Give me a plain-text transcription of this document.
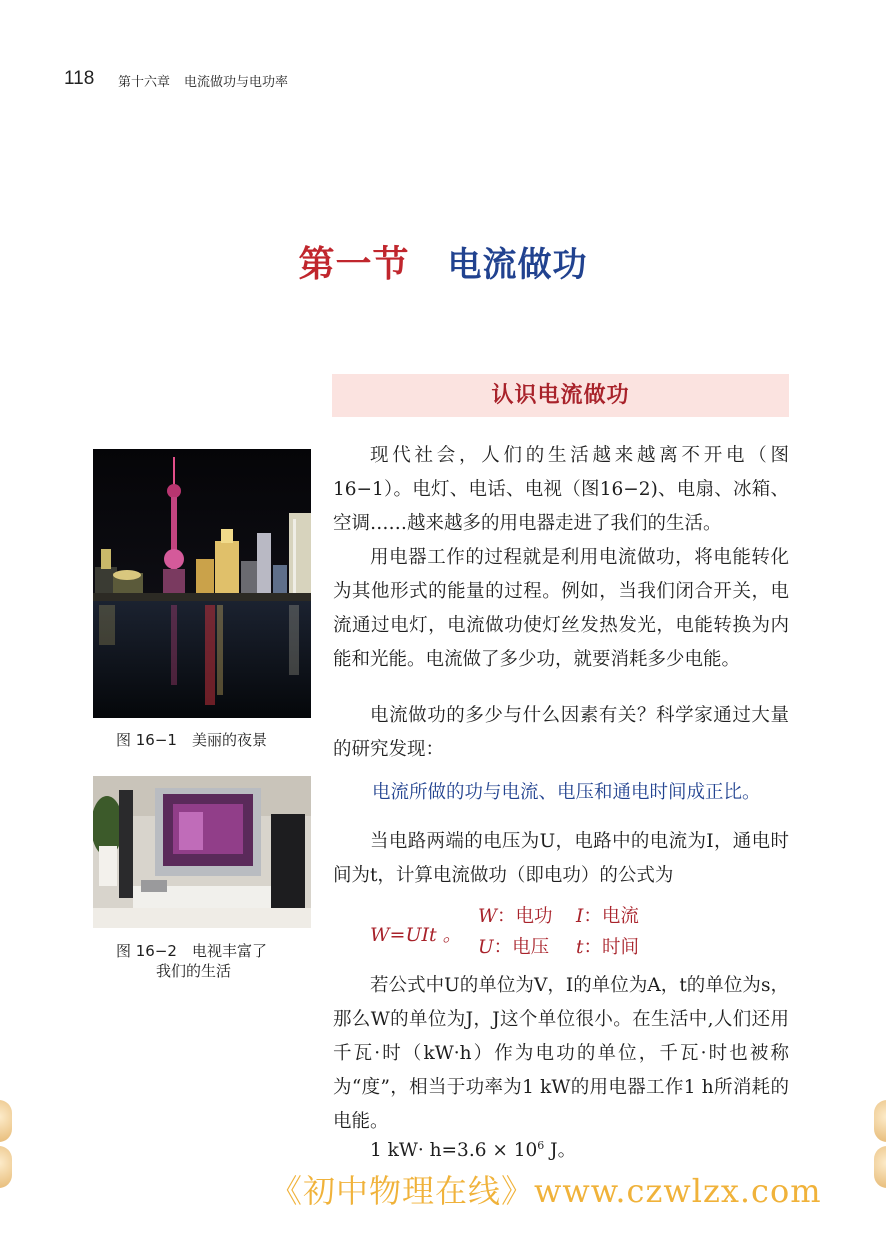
118 第十六章 电流做功与电功率
第一节 电流做功
认识电流做功
现代社会，人们的生活越来越离不开电（图16−1）。电灯、电话、电视（图16−2)、电扇、冰箱、空调……越来越多的用电器走进了我们的生活。
用电器工作的过程就是利用电流做功，将电能转化为其他形式的能量的过程。例如，当我们闭合开关，电流通过电灯，电流做功使灯丝发热发光，电能转换为内能和光能。电流做了多少功，就要消耗多少电能。
电流做功的多少与什么因素有关？科学家通过大量的研究发现：
电流所做的功与电流、电压和通电时间成正比。
当电路两端的电压为U，电路中的电流为I，通电时间为t，计算电流做功（即电功）的公式为
W=UIt 。
W：电功 I：电流
U：电压 t：时间
若公式中U的单位为V，I的单位为A，t的单位为s，那么W的单位为J，J这个单位很小。在生活中,人们还用千瓦·时（kW·h）作为电功的单位，千瓦·时也被称为“度”，相当于功率为1 kW的用电器工作1 h所消耗的电能。
1 $kW\cdot h=3.6 \times 10^6$ J。
图 16−1　美丽的夜景
图 16−2　电视丰富了
我们的生活
《初中物理在线》www.czwlzx.com
